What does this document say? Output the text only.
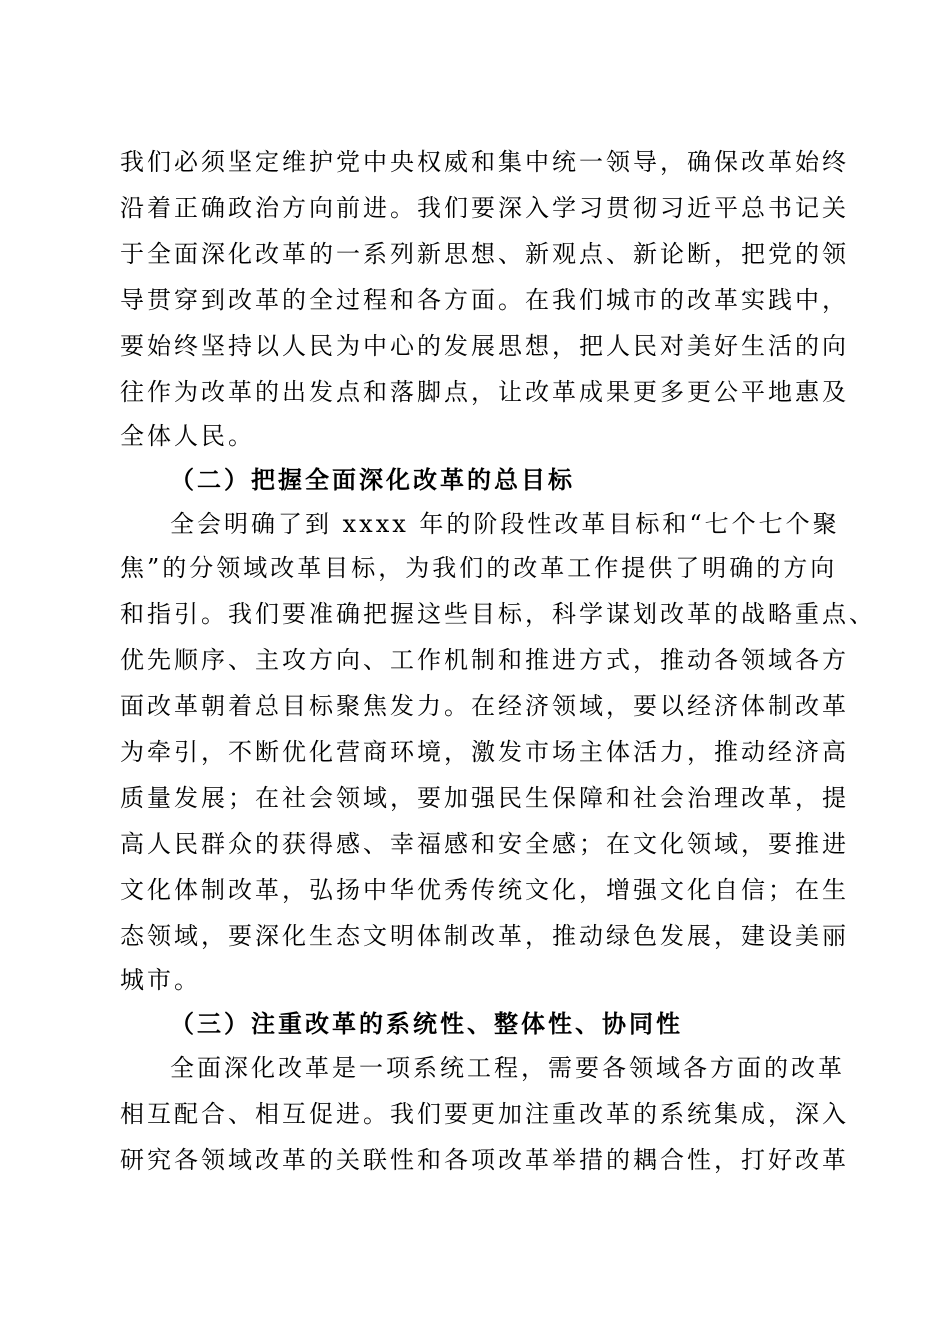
我们必须坚定维护党中央权威和集中统一领导，确保改革始终
沿着正确政治方向前进。我们要深入学习贯彻习近平总书记关
于全面深化改革的一系列新思想、新观点、新论断，把党的领
导贯穿到改革的全过程和各方面。在我们城市的改革实践中，
要始终坚持以人民为中心的发展思想，把人民对美好生活的向
往作为改革的出发点和落脚点，让改革成果更多更公平地惠及
全体人民。
（二）把握全面深化改革的总目标
全会明确了到 xxxx 年的阶段性改革目标和“七个七个聚
焦”的分领域改革目标，为我们的改革工作提供了明确的方向
和指引。我们要准确把握这些目标，科学谋划改革的战略重点、
优先顺序、主攻方向、工作机制和推进方式，推动各领域各方
面改革朝着总目标聚焦发力。在经济领域，要以经济体制改革
为牵引，不断优化营商环境，激发市场主体活力，推动经济高
质量发展；在社会领域，要加强民生保障和社会治理改革，提
高人民群众的获得感、幸福感和安全感；在文化领域，要推进
文化体制改革，弘扬中华优秀传统文化，增强文化自信；在生
态领域，要深化生态文明体制改革，推动绿色发展，建设美丽
城市。
（三）注重改革的系统性、整体性、协同性
全面深化改革是一项系统工程，需要各领域各方面的改革
相互配合、相互促进。我们要更加注重改革的系统集成，深入
研究各领域改革的关联性和各项改革举措的耦合性，打好改革
